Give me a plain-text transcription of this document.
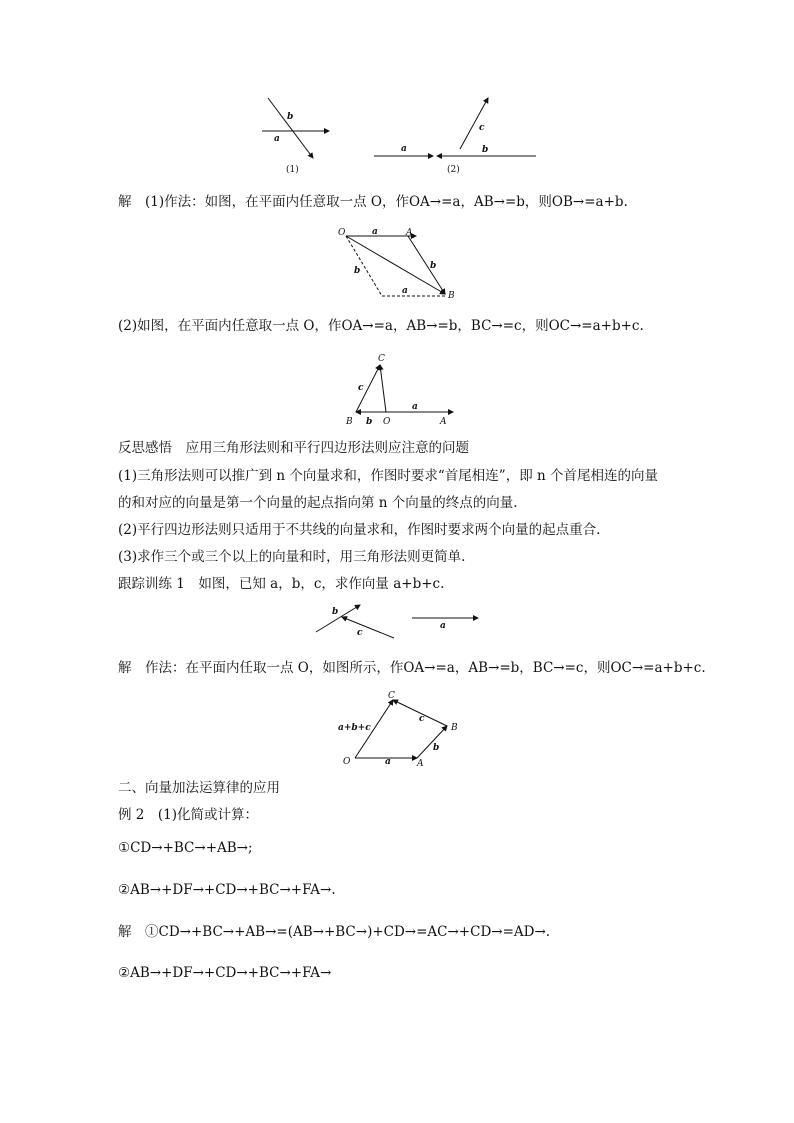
b
a
(1)
c
a	b
(2)
解　(1)作法：如图，在平面内任意取一点 O，作OA→=a，AB→=b，则OB→=a+b.
O	A
B
a
a
b
b
(2)如图，在平面内任意取一点 O，作OA→=a，AB→=b，BC→=c，则OC→=a+b+c.
C
B	O	A
c
b
a
反思感悟　应用三角形法则和平行四边形法则应注意的问题
(1)三角形法则可以推广到 n 个向量求和，作图时要求“首尾相连”，即 n 个首尾相连的向量
的和对应的向量是第一个向量的起点指向第 n 个向量的终点的向量.
(2)平行四边形法则只适用于不共线的向量求和，作图时要求两个向量的起点重合.
(3)求作三个或三个以上的向量和时，用三角形法则更简单.
跟踪训练 1　如图，已知 a，b，c，求作向量 a+b+c.
b
c
a
解　作法：在平面内任取一点 O，如图所示，作OA→=a，AB→=b，BC→=c，则OC→=a+b+c.
C
B
O	A
a+b+c
c
b
a
二、向量加法运算律的应用
例 2　(1)化简或计算：
①CD→+BC→+AB→;
②AB→+DF→+CD→+BC→+FA→.
解　①CD→+BC→+AB→=(AB→+BC→)+CD→=AC→+CD→=AD→.
②AB→+DF→+CD→+BC→+FA→
